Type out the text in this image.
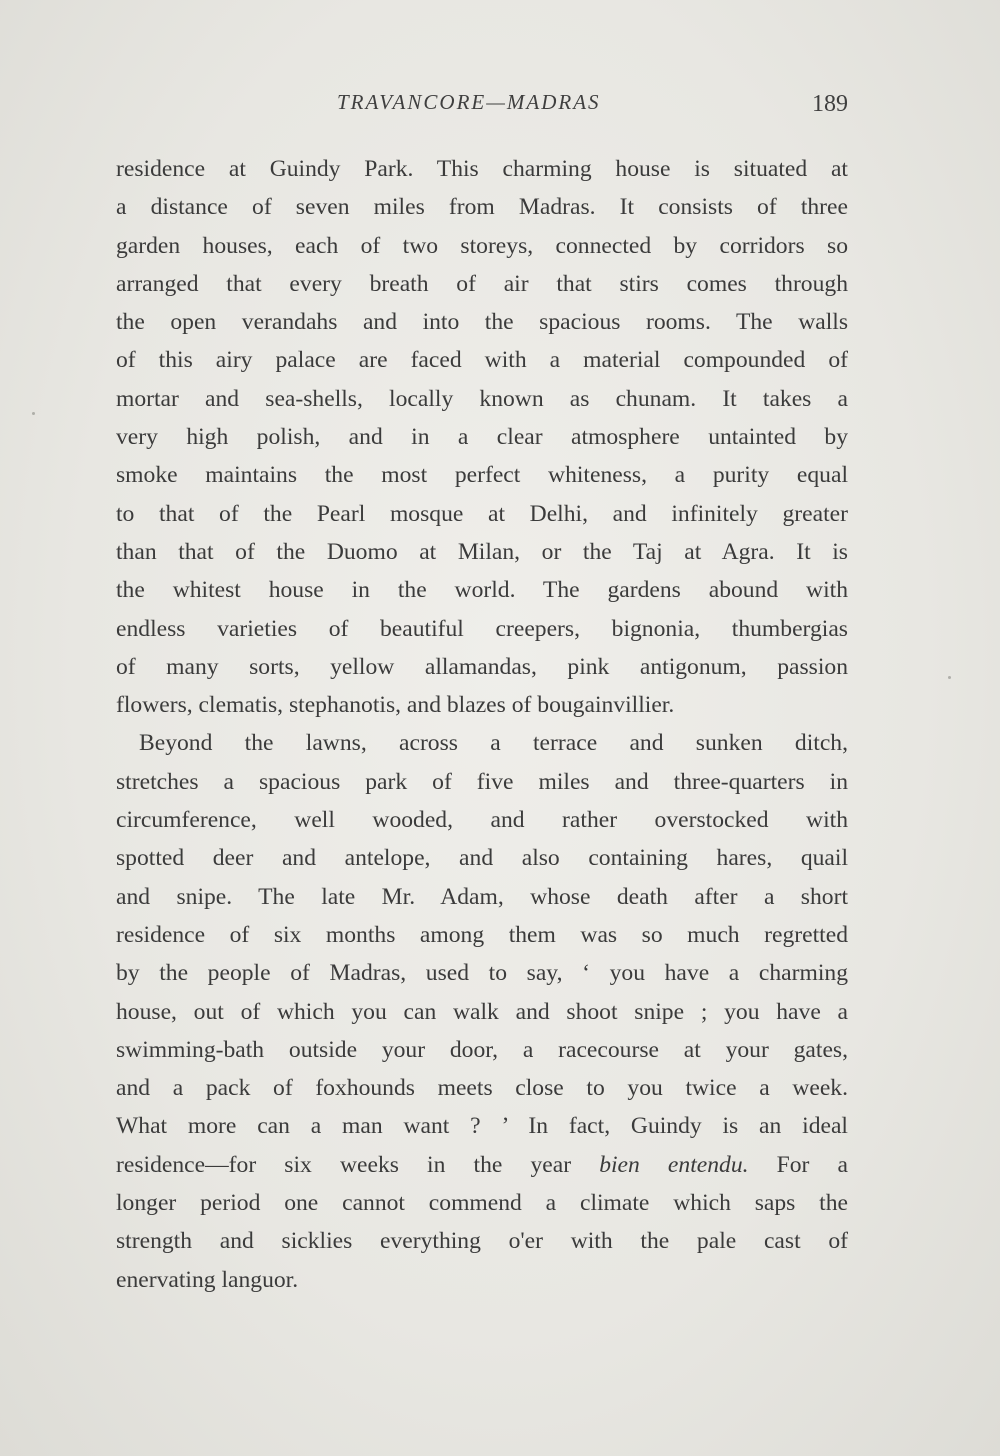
TRAVANCORE—MADRAS	189
residence at Guindy Park. This charming house is situated at
a distance of seven miles from Madras. It consists of three
garden houses, each of two storeys, connected by corridors so
arranged that every breath of air that stirs comes through
the open verandahs and into the spacious rooms. The walls
of this airy palace are faced with a material compounded of
mortar and sea-shells, locally known as chunam. It takes a
very high polish, and in a clear atmosphere untainted by
smoke maintains the most perfect whiteness, a purity equal
to that of the Pearl mosque at Delhi, and infinitely greater
than that of the Duomo at Milan, or the Taj at Agra. It is
the whitest house in the world. The gardens abound with
endless varieties of beautiful creepers, bignonia, thumbergias
of many sorts, yellow allamandas, pink antigonum, passion
flowers, clematis, stephanotis, and blazes of bougainvillier.
Beyond the lawns, across a terrace and sunken ditch,
stretches a spacious park of five miles and three-quarters in
circumference, well wooded, and rather overstocked with
spotted deer and antelope, and also containing hares, quail
and snipe. The late Mr. Adam, whose death after a short
residence of six months among them was so much regretted
by the people of Madras, used to say, ‘ you have a charming
house, out of which you can walk and shoot snipe ; you have a
swimming-bath outside your door, a racecourse at your gates,
and a pack of foxhounds meets close to you twice a week.
What more can a man want ? ’ In fact, Guindy is an ideal
residence—for six weeks in the year bien entendu. For a
longer period one cannot commend a climate which saps the
strength and sicklies everything o'er with the pale cast of
enervating languor.
